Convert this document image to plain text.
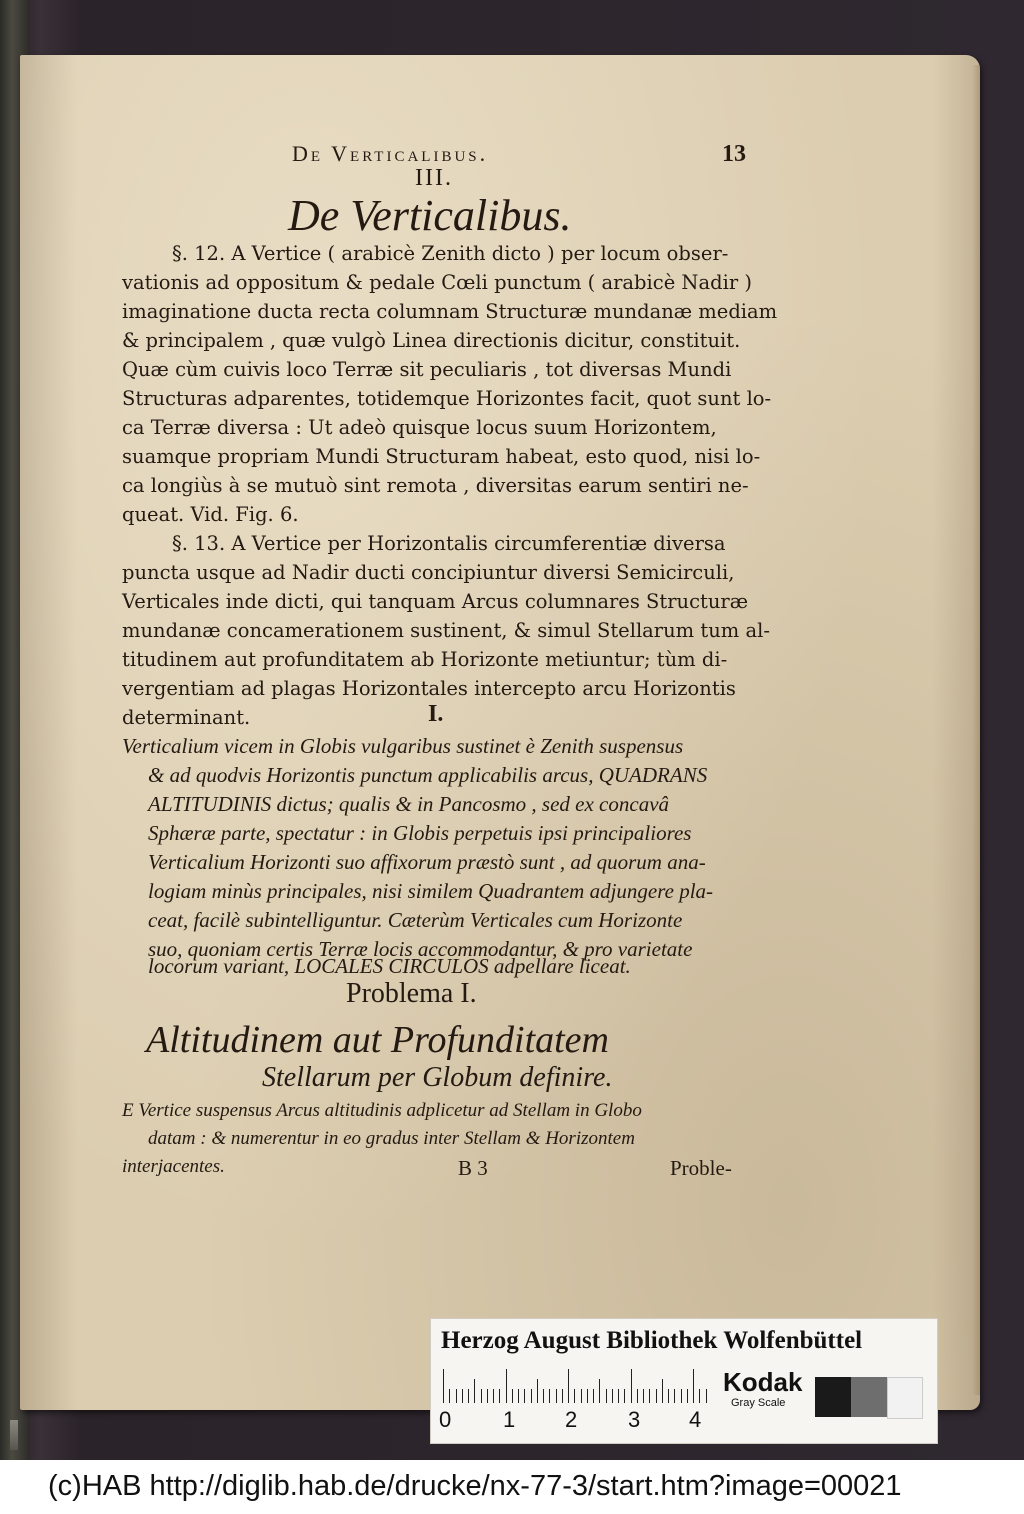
De Verticalibus.	13
III.
De Verticalibus.
§. 12. A Vertice ( arabicè Zenith dicto ) per locum obser-
vationis ad oppositum & pedale Cœli punctum ( arabicè Nadir )
imaginatione ducta recta columnam Structuræ mundanæ mediam
& principalem , quæ vulgò Linea directionis dicitur, constituit.
Quæ cùm cuivis loco Terræ sit peculiaris , tot diversas Mundi
Structuras adparentes, totidemque Horizontes facit, quot sunt lo-
ca Terræ diversa : Ut adeò quisque locus suum Horizontem,
suamque propriam Mundi Structuram habeat, esto quod, nisi lo-
ca longiùs à se mutuò sint remota , diversitas earum sentiri ne-
queat. Vid. Fig. 6.
§. 13. A Vertice per Horizontalis circumferentiæ diversa
puncta usque ad Nadir ducti concipiuntur diversi Semicirculi,
Verticales inde dicti, qui tanquam Arcus columnares Structuræ
mundanæ concamerationem sustinent, & simul Stellarum tum al-
titudinem aut profunditatem ab Horizonte metiuntur; tùm di-
vergentiam ad plagas Horizontales intercepto arcu Horizontis
determinant.	I.
Verticalium vicem in Globis vulgaribus sustinet è Zenith suspensus
& ad quodvis Horizontis punctum applicabilis arcus, QUADRANS
ALTITUDINIS dictus; qualis & in Pancosmo , sed ex concavâ
Sphæræ parte, spectatur : in Globis perpetuis ipsi principaliores
Verticalium Horizonti suo affixorum præstò sunt , ad quorum ana-
logiam minùs principales, nisi similem Quadrantem adjungere pla-
ceat, facilè subintelliguntur. Cæterùm Verticales cum Horizonte
suo, quoniam certis Terræ locis accommodantur, & pro varietate
locorum variant, LOCALES CIRCULOS adpellare liceat.
Problema I.
Altitudinem aut Profunditatem
Stellarum per Globum definire.
E Vertice suspensus Arcus altitudinis adplicetur ad Stellam in Globo
datam : & numerentur in eo gradus inter Stellam & Horizontem
interjacentes.	B 3	Proble-
Herzog August Bibliothek Wolfenbüttel
0 1 2 3 4
Kodak
Gray Scale
(c)HAB http://diglib.hab.de/drucke/nx-77-3/start.htm?image=00021
